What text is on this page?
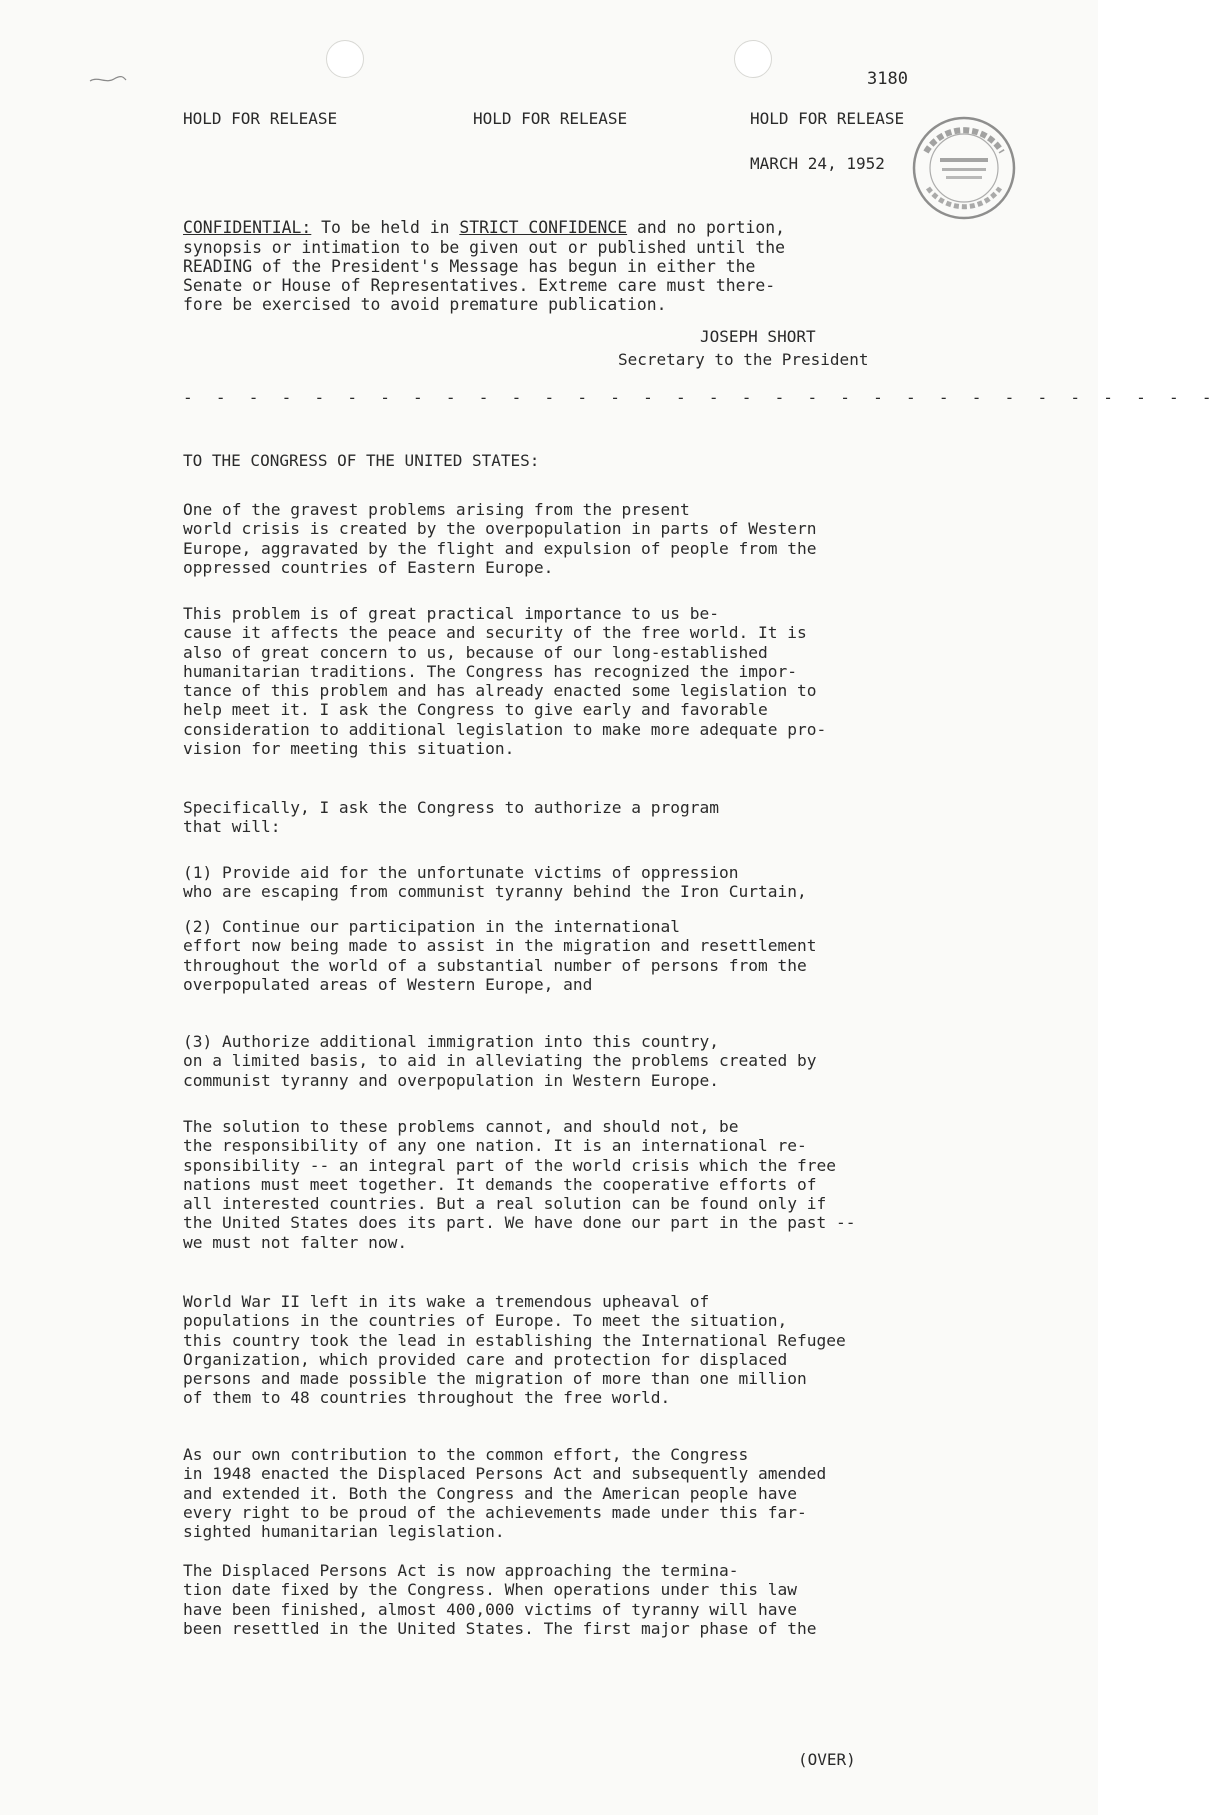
3180
HOLD FOR RELEASE	HOLD FOR RELEASE	HOLD FOR RELEASE
MARCH 24, 1952

CONFIDENTIAL: To be held in STRICT CONFIDENCE and no portion,
synopsis or intimation to be given out or published until the
READING of the President's Message has begun in either the
Senate or House of Representatives. Extreme care must there-
fore be exercised to avoid premature publication.

JOSEPH SHORT
Secretary to the President
- - - - - - - - - - - - - - - - - - - - - - - - - - - - - - - -
TO THE CONGRESS OF THE UNITED STATES:
One of the gravest problems arising from the present
world crisis is created by the overpopulation in parts of Western
Europe, aggravated by the flight and expulsion of people from the
oppressed countries of Eastern Europe.
This problem is of great practical importance to us be-
cause it affects the peace and security of the free world. It is
also of great concern to us, because of our long-established
humanitarian traditions. The Congress has recognized the impor-
tance of this problem and has already enacted some legislation to
help meet it. I ask the Congress to give early and favorable
consideration to additional legislation to make more adequate pro-
vision for meeting this situation.
Specifically, I ask the Congress to authorize a program
that will:
(1) Provide aid for the unfortunate victims of oppression
who are escaping from communist tyranny behind the Iron Curtain,
(2) Continue our participation in the international
effort now being made to assist in the migration and resettlement
throughout the world of a substantial number of persons from the
overpopulated areas of Western Europe, and
(3) Authorize additional immigration into this country,
on a limited basis, to aid in alleviating the problems created by
communist tyranny and overpopulation in Western Europe.
The solution to these problems cannot, and should not, be
the responsibility of any one nation. It is an international re-
sponsibility -- an integral part of the world crisis which the free
nations must meet together. It demands the cooperative efforts of
all interested countries. But a real solution can be found only if
the United States does its part. We have done our part in the past --
we must not falter now.
World War II left in its wake a tremendous upheaval of
populations in the countries of Europe. To meet the situation,
this country took the lead in establishing the International Refugee
Organization, which provided care and protection for displaced
persons and made possible the migration of more than one million
of them to 48 countries throughout the free world.
As our own contribution to the common effort, the Congress
in 1948 enacted the Displaced Persons Act and subsequently amended
and extended it. Both the Congress and the American people have
every right to be proud of the achievements made under this far-
sighted humanitarian legislation.
The Displaced Persons Act is now approaching the termina-
tion date fixed by the Congress. When operations under this law
have been finished, almost 400,000 victims of tyranny will have
been resettled in the United States. The first major phase of the
(OVER)
